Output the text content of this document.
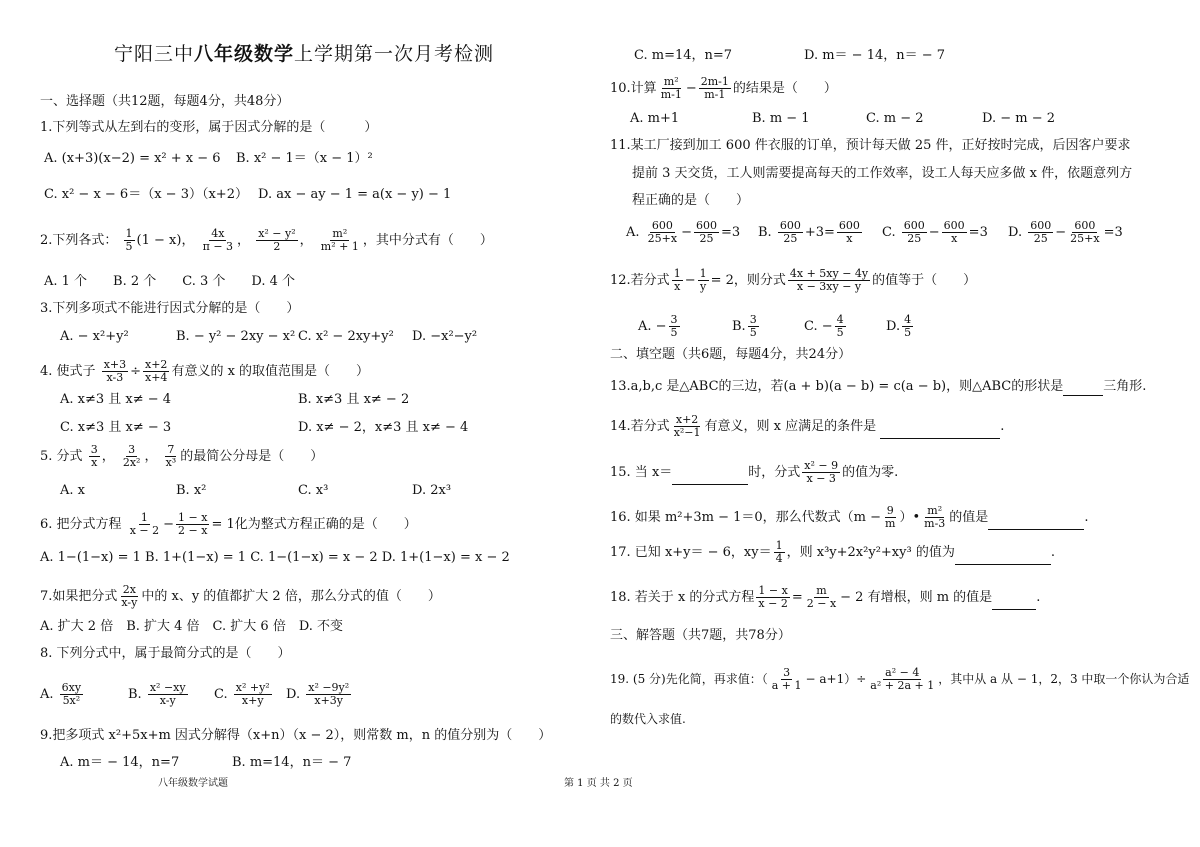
宁阳三中八年级数学上学期第一次月考检测
一、选择题（共12题，每题4分，共48分）
1.下列等式从左到右的变形，属于因式分解的是（　　　）
A. (x+3)(x−2) = x² + x − 6 B. x² − 1＝（x − 1）²
C. x² − x − 6＝（x − 3）（x+2） D. ax − ay − 1 = a(x − y) − 1
2.下列各式： $\frac{1}{5} (1 - x)$， $\frac{4x}{\pi - 3}$ ， $\frac{\text{x² − y²}}{2}$ ， $\frac{\text{m²}}{\text{m² + 1}}$ ，其中分式有（　　）
A. 1 个　　B. 2 个　　C. 3 个　　D. 4 个
3.下列多项式不能进行因式分解的是（　　）
A. − x²+y²	B. − y² − 2xy − x² C. x² − 2xy+y² D. −x²−y²
4. 使式子 $\frac{x+3}{x-3} \div \frac{x+2}{x+4}$ 有意义的 x 的取值范围是（　　）
A. x≠3 且 x≠ − 4	B. x≠3 且 x≠ − 2
C. x≠3 且 x≠ − 3	D. x≠ − 2，x≠3 且 x≠ − 4
5. 分式 $\frac{3}{x}$ ， $\frac{3}{\text{2x²}}$ ， $\frac{7}{\text{x³}}$ 的最简公分母是（　　）
A. x	B. x²	C. x³	D. 2x³
6. 把分式方程 $\frac{1}{x - 2} - \frac{1 - x}{2 - x} = 1$化为整式方程正确的是（　　）
A. 1−(1−x) = 1 B. 1+(1−x) = 1 C. 1−(1−x) = x − 2 D. 1+(1−x) = x − 2
7.如果把分式 $\frac{2x}{x-y}$ 中的 x、y 的值都扩大 2 倍，那么分式的值（　　）
A. 扩大 2 倍　B. 扩大 4 倍　C. 扩大 6 倍　D. 不变
8. 下列分式中，属于最简分式的是（　　）
A. $\frac{6xy}{\text{5x²}}$	B. $\frac{\text{x² −xy}}{x-y} C$. $\frac{\text{x² +y²}}{x+y} D$. $\frac{\text{x² −9y²}}{x+3y}$
9.把多项式 x²+5x+m 因式分解得（x+n）（x − 2），则常数 m，n 的值分别为（　　）
A. m＝ − 14，n=7	B. m=14，n＝ − 7
八年级数学试题
C. m=14，n=7	D. m＝ − 14，n＝ − 7
10.计算 $\frac{\text{m²}}{m-1} - \frac{2m-1}{m-1}$ 的结果是（　　）
A. m+1	B. m − 1	C. m − 2	D. − m − 2
11.某工厂接到加工 600 件衣服的订单，预计每天做 25 件，正好按时完成，后因客户要求
提前 3 天交货，工人则需要提高每天的工作效率，设工人每天应多做 x 件，依题意列方
程正确的是（　　）
A. $\frac{600}{25+x} - \frac{600}{25} =3$ B. $\frac{600}{25} +3= \frac{600}{x} C$. $\frac{600}{25} - \frac{600}{x} =3$ D. $\frac{600}{25} - \frac{600}{25+x} =3$
12.若分式 $\frac{1}{x} - \frac{1}{y} = 2$，则分式 $\frac{4x + 5xy - 4y}{x - 3xy - y}$ 的值等于（　　）
A. − $\frac{3}{5}$	B. $\frac{3}{5}$	C. − $\frac{4}{5}$	D. $\frac{4}{5}$
二、填空题（共6题，每题4分，共24分）
13.a,b,c 是△ABC的三边，若(a + b)(a − b) = c(a − b)，则△ABC的形状是	三角形.
14.若分式 $\frac{x+2}{\text{x²−1}}$ 有意义，则 x 应满足的条件是	.
15. 当 x＝	时，分式 $\frac{\text{x² − 9}}{x - 3}$ 的值为零.
16. 如果 m²+3m − 1＝0，那么代数式（$m - \frac{9}{m}$ ）• $\frac{\text{m²}}{m-3}$ 的值是	.
17. 已知 x+y＝ − 6，$xy= \frac{1}{4}$ ，则 x³y+2x²y²+xy³ 的值为	.
18. 若关于 x 的分式方程 $\frac{1 - x}{x - 2} = \frac{m}{2 - x} - 2$ 有增根，则 m 的值是	.
三、解答题（共7题，共78分）
19. (5 分)先化简，再求值：（ $\frac{3}{a + 1} - a+1)\div \frac{\text{a² − 4}}{\text{a² + 2a + 1}}$ ，其中从 a 从 − 1，2，3 中取一个你认为合适
的数代入求值.
第 1 页 共 2 页
